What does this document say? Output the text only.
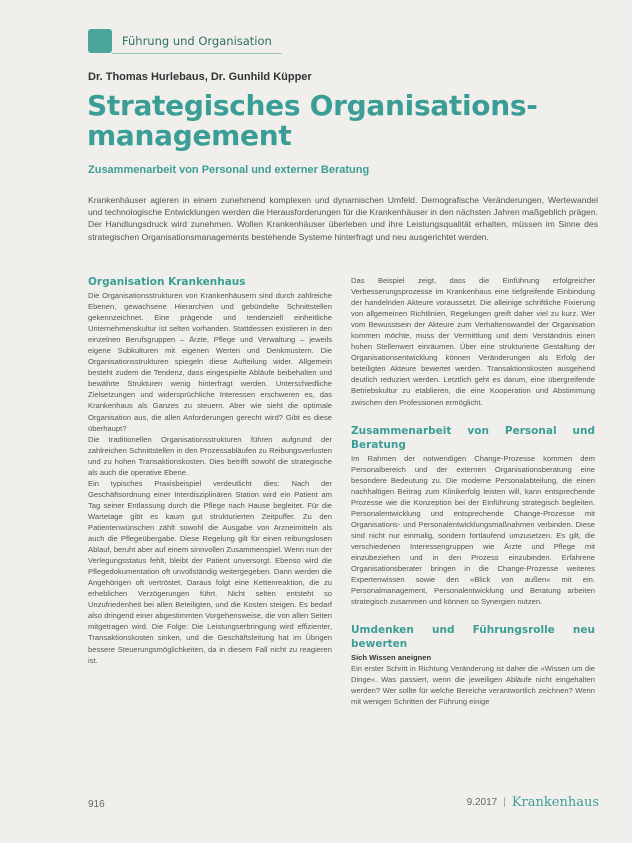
Führung und Organisation
Dr. Thomas Hurlebaus, Dr. Gunhild Küpper
Strategisches Organisations-management
Zusammenarbeit von Personal und externer Beratung

Krankenhäuser agieren in einem zunehmend komplexen und dynamischen Umfeld. Demografische Veränderungen, Wertewandel und technologische Entwicklungen werden die Herausforderungen für die Krankenhäuser in den nächsten Jahren maßgeblich prägen. Der Handlungsdruck wird zunehmen. Wollen Krankenhäuser überleben und ihre Leistungsqualität erhalten, müssen im Sinne des strategischen Organisationsmanagements bestehende Systeme hinterfragt und neu ausgerichtet werden.

Organisation Krankenhaus

Die Organisationsstrukturen von Krankenhäusern sind durch zahlreiche Ebenen, gewachsene Hierarchien und gebündelte Schnittstellen gekennzeichnet. Eine prägende und tendenziell einheitliche Unternehmenskultur ist selten vorhanden. Stattdessen existieren in den einzelnen Berufsgruppen – Ärzte, Pflege und Verwaltung – jeweils eigene Subkulturen mit eigenen Werten und Denkmustern. Die Organisationsstrukturen spiegeln diese Aufteilung wider. Allgemein besteht zudem die Tendenz, dass eingespielte Abläufe beibehalten und bewährte Strukturen wenig hinterfragt werden. Unterschiedliche Zielsetzungen und widersprüchliche Interessen erschweren es, das Krankenhaus als Ganzes zu steuern. Aber wie sieht die optimale Organisation aus, die allen Anforderungen gerecht wird? Gibt es diese überhaupt?

Die traditionellen Organisationsstrukturen führen aufgrund der zahlreichen Schnittstellen in den Prozessabläufen zu Reibungsverlusten und zu hohen Transaktionskosten. Dies betrifft sowohl die strategische als auch die operative Ebene.

Ein typisches Praxisbeispiel verdeutlicht dies: Nach der Geschäftsordnung einer Interdisziplinären Station wird ein Patient am Tag seiner Entlassung durch die Pflege nach Hause begleitet. Für die Wartetage gibt es kaum gut strukturierten Zeitpuffer. Zu den Patientenwünschen zählt sowohl die Ausgabe von Arzneimitteln als auch die Pflegeübergabe. Diese Regelung gilt für einen reibungslosen Ablauf, beruht aber auf einem sinnvollen Zusammenspiel. Wenn nun der Verlegungsstatus fehlt, bleibt der Patient unversorgt. Ebenso wird die Pflegedokumentation oft unvollständig weitergegeben. Dann werden die Angehörigen oft vertröstet. Daraus folgt eine Kettenreaktion, die zu erheblichen Verzögerungen führt. Nicht selten entsteht so Unzufriedenheit bei allen Beteiligten, und die Kosten steigen. Es bedarf also dringend einer abgestimmten Vorgehensweise, die von allen Seiten mitgetragen wird. Die Folge: Die Leistungserbringung wird effizienter, Transaktionskosten sinken, und die Geschäftsleitung hat im Übrigen bessere Steuerungsmöglichkeiten, da in diesem Fall nicht zu reagieren ist.

Das Beispiel zeigt, dass die Einführung erfolgreicher Verbesserungsprozesse im Krankenhaus eine tiefgreifende Einbindung der handelnden Akteure voraussetzt. Die alleinige schriftliche Fixierung von allgemeinen Richtlinien, Regelungen greift daher viel zu kurz. Wer vom Bewusstsein der Akteure zum Verhaltenswandel der Organisation kommen möchte, muss der Vermittlung und dem Verständnis einen hohen Stellenwert einräumen. Über eine strukturierte Gestaltung der Organisationsentwicklung können Veränderungen als Erfolg der beteiligten Akteure bewertet werden. Transaktionskosten ausgehend deutlich reduziert werden. Letztlich geht es darum, eine übergreifende Betriebskultur zu etablieren, die eine Kooperation und Abstimmung zwischen den Professionen ermöglicht.

Zusammenarbeit von Personal und Beratung

Im Rahmen der notwendigen Change-Prozesse kommen dem Personalbereich und der externen Organisationsberatung eine besondere Bedeutung zu. Die moderne Personalabteilung, die einen nachhaltigen Beitrag zum Klinikerfolg leisten will, kann entsprechende Prozesse wie die Konzeption bei der Einführung strategisch begleiten. Personalentwicklung und entsprechende Change-Prozesse mit Organisations- und Personalentwicklungsmaßnahmen verbinden. Diese sind nicht nur einmalig, sondern fortlaufend umzusetzen. Es gilt, die verschiedenen Interessengruppen wie Ärzte und Pflege mit einzubeziehen und in den Prozess einzubinden. Erfahrene Organisationsberater bringen in die Change-Prozesse weiteres Expertenwissen sowie den »Blick von außen« mit ein. Personalmanagement, Personalentwicklung und Beratung arbeiten strategisch zusammen und können so Synergien nutzen.

Umdenken und Führungsrolle neu bewerten
Sich Wissen aneignen

Ein erster Schritt in Richtung Veränderung ist daher die »Wissen um die Dinge«. Was passiert, wenn die jeweiligen Abläufe nicht eingehalten werden? Wer sollte für welche Bereiche verantwortlich zeichnen? Wenn mit wenigen Schritten der Führung einige

916	9.2017 | Krankenhaus
